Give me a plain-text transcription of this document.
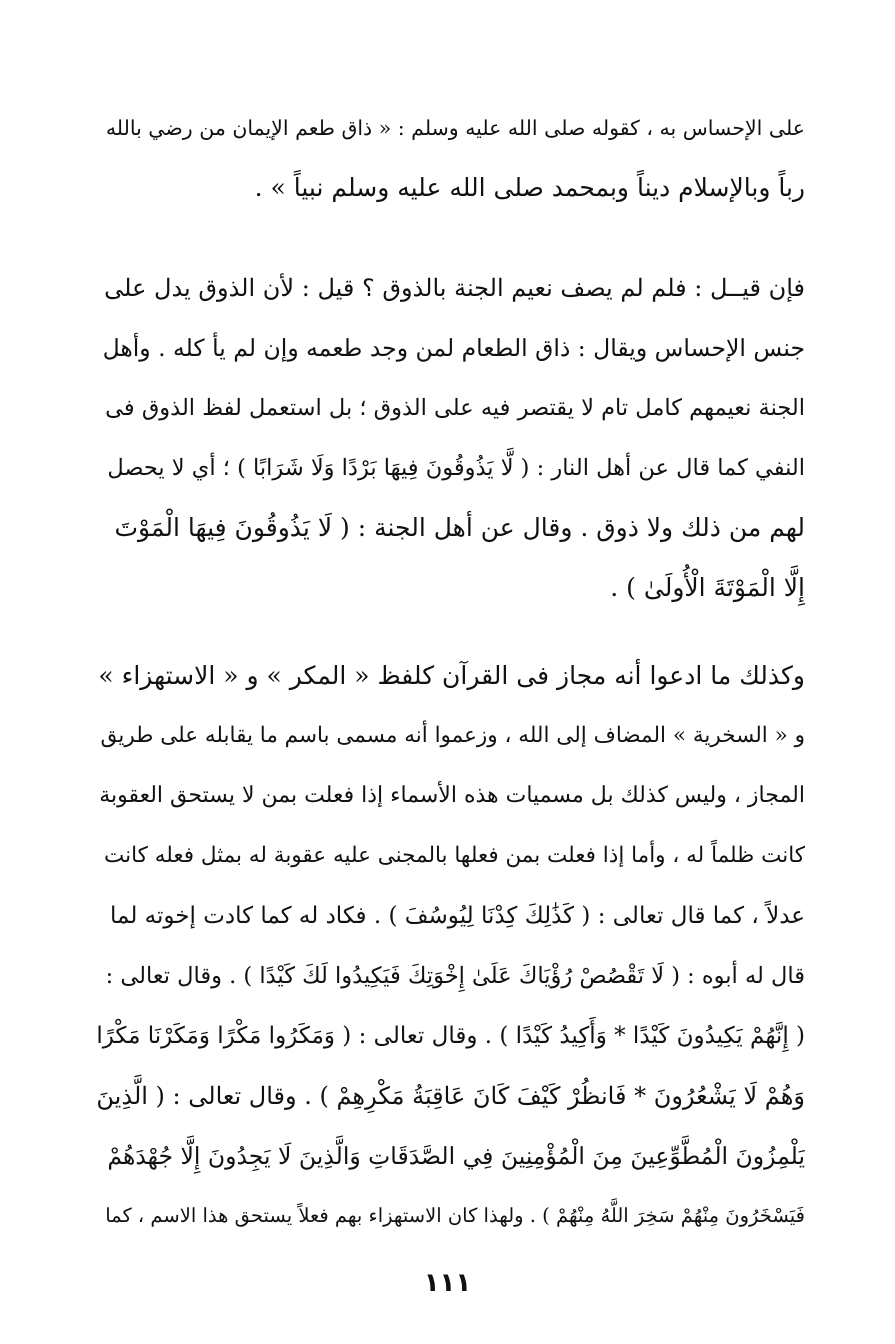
على الإحساس به ، كقوله صلى الله عليه وسلم : « ذاق طعم الإيمان من رضي بالله
رباً وبالإسلام ديناً وبمحمد صلى الله عليه وسلم نبياً » .
فإن قيــل : فلم لم يصف نعيم الجنة بالذوق ؟ قيل : لأن الذوق يدل على
جنس الإحساس ويقال : ذاق الطعام لمن وجد طعمه وإن لم يأ كله . وأهل
الجنة نعيمهم كامل تام لا يقتصر فيه على الذوق ؛ بل استعمل لفظ الذوق فى
النفي كما قال عن أهل النار : ( لَّا يَذُوقُونَ فِيهَا بَرْدًا وَلَا شَرَابًا ) ؛ أي لا يحصل
لهم من ذلك ولا ذوق . وقال عن أهل الجنة : ( لَا يَذُوقُونَ فِيهَا الْمَوْتَ
إِلَّا الْمَوْتَةَ الْأُولَىٰ ) .
وكذلك ما ادعوا أنه مجاز فى القرآن كلفظ « المكر » و « الاستهزاء »
و « السخرية » المضاف إلى الله ، وزعموا أنه مسمى باسم ما يقابله على طريق
المجاز ، وليس كذلك بل مسميات هذه الأسماء إذا فعلت بمن لا يستحق العقوبة
كانت ظلماً له ، وأما إذا فعلت بمن فعلها بالمجنى عليه عقوبة له بمثل فعله كانت
عدلاً ، كما قال تعالى : ( كَذَٰلِكَ كِدْنَا لِيُوسُفَ ) . فكاد له كما كادت إخوته لما
قال له أبوه : ( لَا تَقْصُصْ رُؤْيَاكَ عَلَىٰ إِخْوَتِكَ فَيَكِيدُوا لَكَ كَيْدًا ) . وقال تعالى :
( إِنَّهُمْ يَكِيدُونَ كَيْدًا * وَأَكِيدُ كَيْدًا ) . وقال تعالى : ( وَمَكَرُوا مَكْرًا وَمَكَرْنَا مَكْرًا
وَهُمْ لَا يَشْعُرُونَ * فَانظُرْ كَيْفَ كَانَ عَاقِبَةُ مَكْرِهِمْ ) . وقال تعالى : ( الَّذِينَ
يَلْمِزُونَ الْمُطَّوِّعِينَ مِنَ الْمُؤْمِنِينَ فِي الصَّدَقَاتِ وَالَّذِينَ لَا يَجِدُونَ إِلَّا جُهْدَهُمْ
فَيَسْخَرُونَ مِنْهُمْ سَخِرَ اللَّهُ مِنْهُمْ ) . ولهذا كان الاستهزاء بهم فعلاً يستحق هذا الاسم ، كما
١١١
